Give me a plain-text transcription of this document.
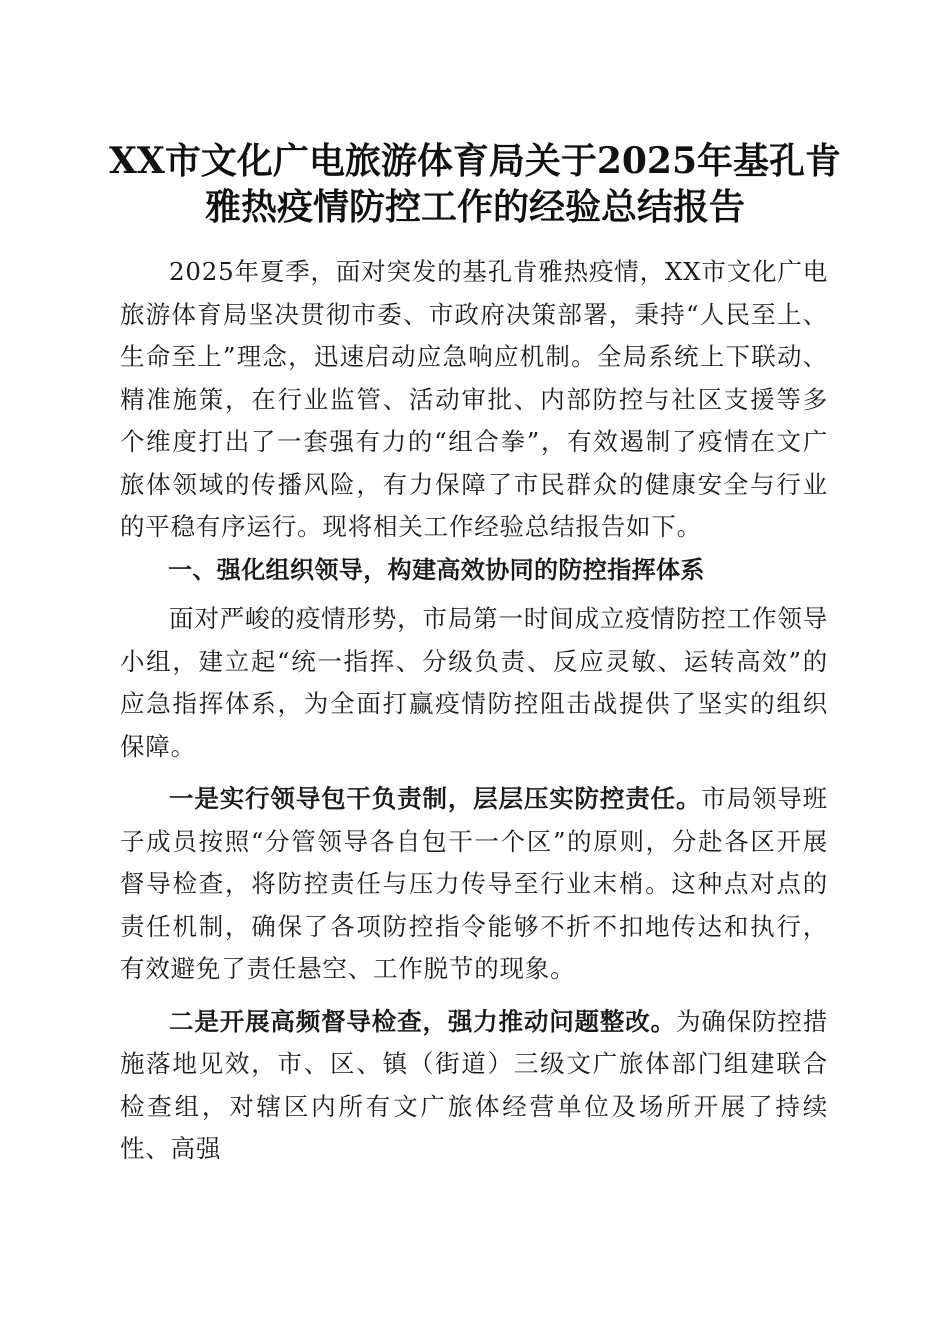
XX市文化广电旅游体育局关于2025年基孔肯
雅热疫情防控工作的经验总结报告

2025年夏季，面对突发的基孔肯雅热疫情，XX市文化广电旅游体育局坚决贯彻市委、市政府决策部署，秉持“人民至上、生命至上”理念，迅速启动应急响应机制。全局系统上下联动、精准施策，在行业监管、活动审批、内部防控与社区支援等多个维度打出了一套强有力的“组合拳”，有效遏制了疫情在文广旅体领域的传播风险，有力保障了市民群众的健康安全与行业的平稳有序运行。现将相关工作经验总结报告如下。

一、强化组织领导，构建高效协同的防控指挥体系

面对严峻的疫情形势，市局第一时间成立疫情防控工作领导小组，建立起“统一指挥、分级负责、反应灵敏、运转高效”的应急指挥体系，为全面打赢疫情防控阻击战提供了坚实的组织保障。

一是实行领导包干负责制，层层压实防控责任。市局领导班子成员按照“分管领导各自包干一个区”的原则，分赴各区开展督导检查，将防控责任与压力传导至行业末梢。这种点对点的责任机制，确保了各项防控指令能够不折不扣地传达和执行，有效避免了责任悬空、工作脱节的现象。

二是开展高频督导检查，强力推动问题整改。为确保防控措施落地见效，市、区、镇（街道）三级文广旅体部门组建联合检查组，对辖区内所有文广旅体经营单位及场所开展了持续性、高强
